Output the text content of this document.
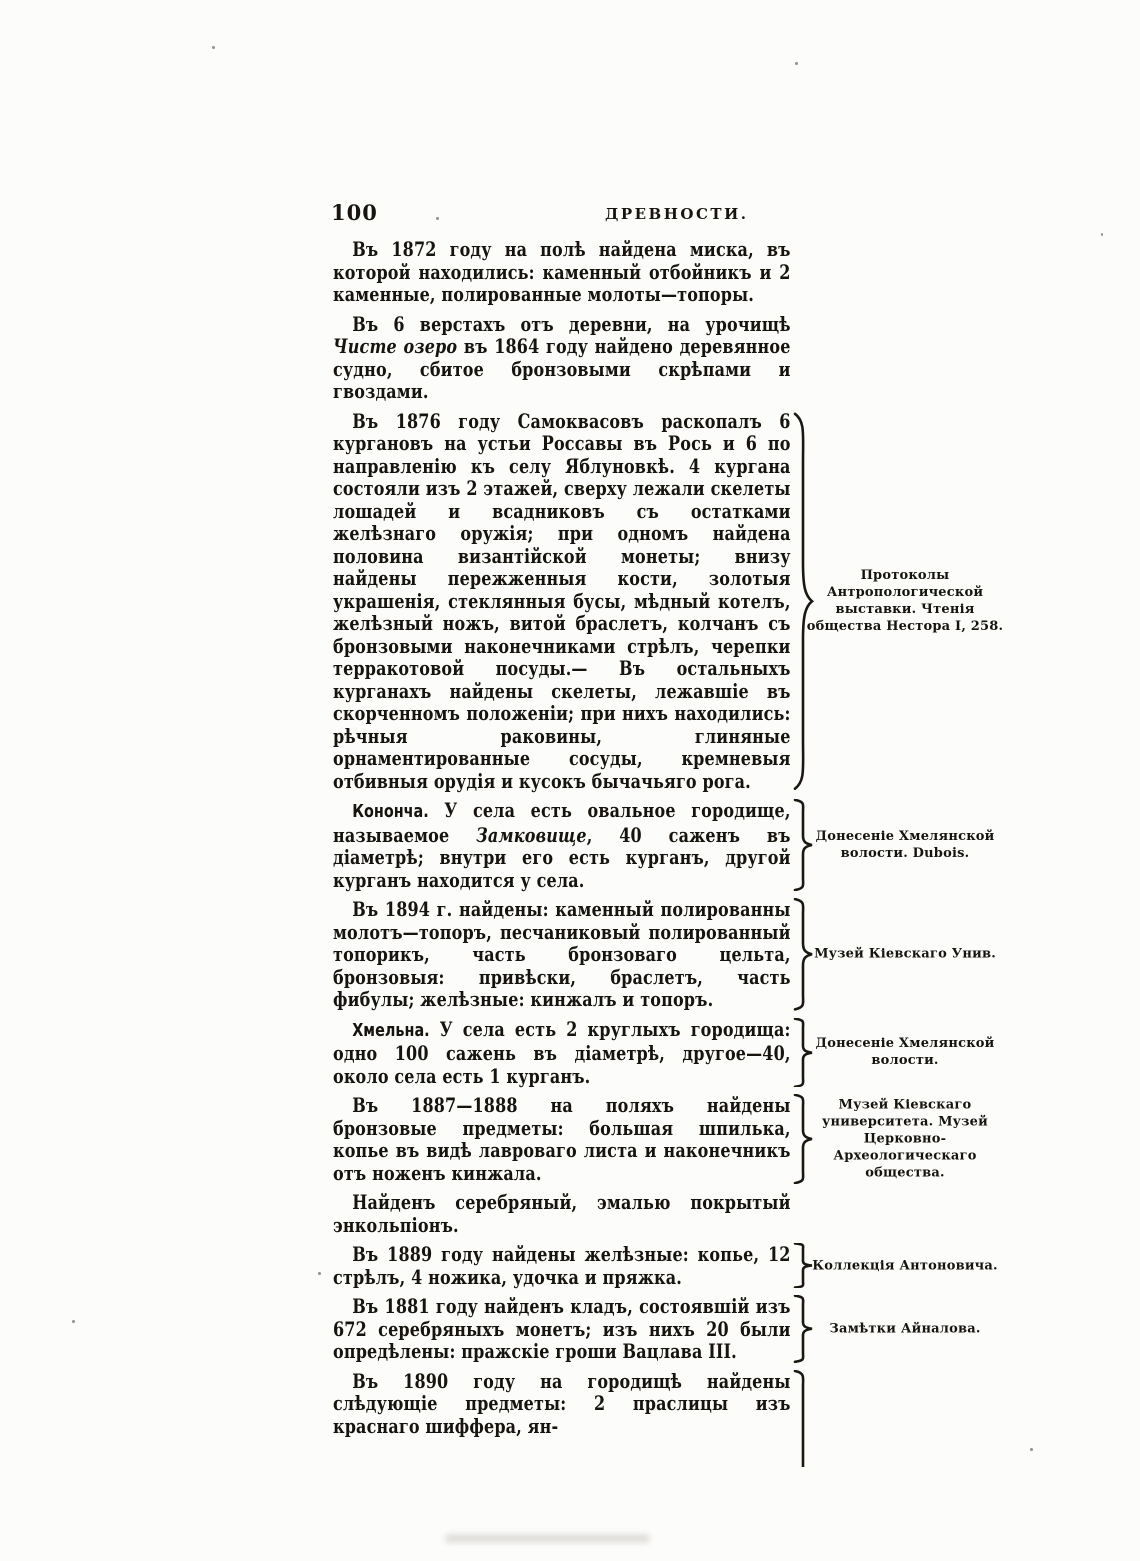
100	ДРЕВНОСТИ.

Въ 1872 году на полѣ найдена миска, въ которой находились: каменный отбойникъ и 2 каменные, полированные молоты—топоры.

Въ 6 верстахъ отъ деревни, на урочищѣ Чисте озеро въ 1864 году найдено деревянное судно, сбитое бронзовыми скрѣпами и гвоздами.

Въ 1876 году Самоквасовъ раскопалъ 6 кургановъ на устьи Россавы въ Рось и 6 по направленію къ селу Яблуновкѣ. 4 кургана состояли изъ 2 этажей, сверху лежали скелеты лошадей и всадниковъ съ остатками желѣзнаго оружія; при одномъ найдена половина византійской монеты; внизу найдены пережженныя кости, золотыя украшенія, стеклянныя бусы, мѣдный котелъ, желѣзный ножъ, витой браслетъ, колчанъ съ бронзовыми наконечниками стрѣлъ, черепки терракотовой посуды.— Въ остальныхъ курганахъ найдены скелеты, лежавшіе въ скорченномъ положеніи; при нихъ находились: рѣчныя раковины, глиняные орнаментированные сосуды, кремневыя отбивныя орудія и кусокъ бычачьяго рога.

Протоколы Антропологической выставки. Чтенія общества Нестора I, 258.

Кононча. У села есть овальное городище, называемое Замковище, 40 саженъ въ діаметрѣ; внутри его есть курганъ, другой курганъ находится у села.

Донесеніе Хмелянской волости. Dubois.

Въ 1894 г. найдены: каменный полированны молотъ—топоръ, песчаниковый полированный топорикъ, часть бронзоваго цельта, бронзовыя: привѣски, браслетъ, часть фибулы; желѣзные: кинжалъ и топоръ.

Музей Кіевскаго Унив.

Хмельна. У села есть 2 круглыхъ городища: одно 100 сажень въ діаметрѣ, другое—40, около села есть 1 курганъ.

Донесеніе Хмелянской волости.

Въ 1887—1888 на поляхъ найдены бронзовые предметы: большая шпилька, копье въ видѣ лавроваго листа и наконечникъ отъ ноженъ кинжала.

Музей Кіевскаго университета. Музей Церковно-Археологическаго общества.

Найденъ серебряный, эмалью покрытый энкольпіонъ.

Въ 1889 году найдены желѣзные: копье, 12 стрѣлъ, 4 ножика, удочка и пряжка.	Коллекція Антоновича.

Въ 1881 году найденъ кладъ, состоявшій изъ 672 серебряныхъ монетъ; изъ нихъ 20 были опредѣлены: пражскіе гроши Вацлава III.

Замѣтки Айналова.

Въ 1890 году на городищѣ найдены слѣдующіе предметы: 2 праслицы изъ краснаго шиффера, ян-
